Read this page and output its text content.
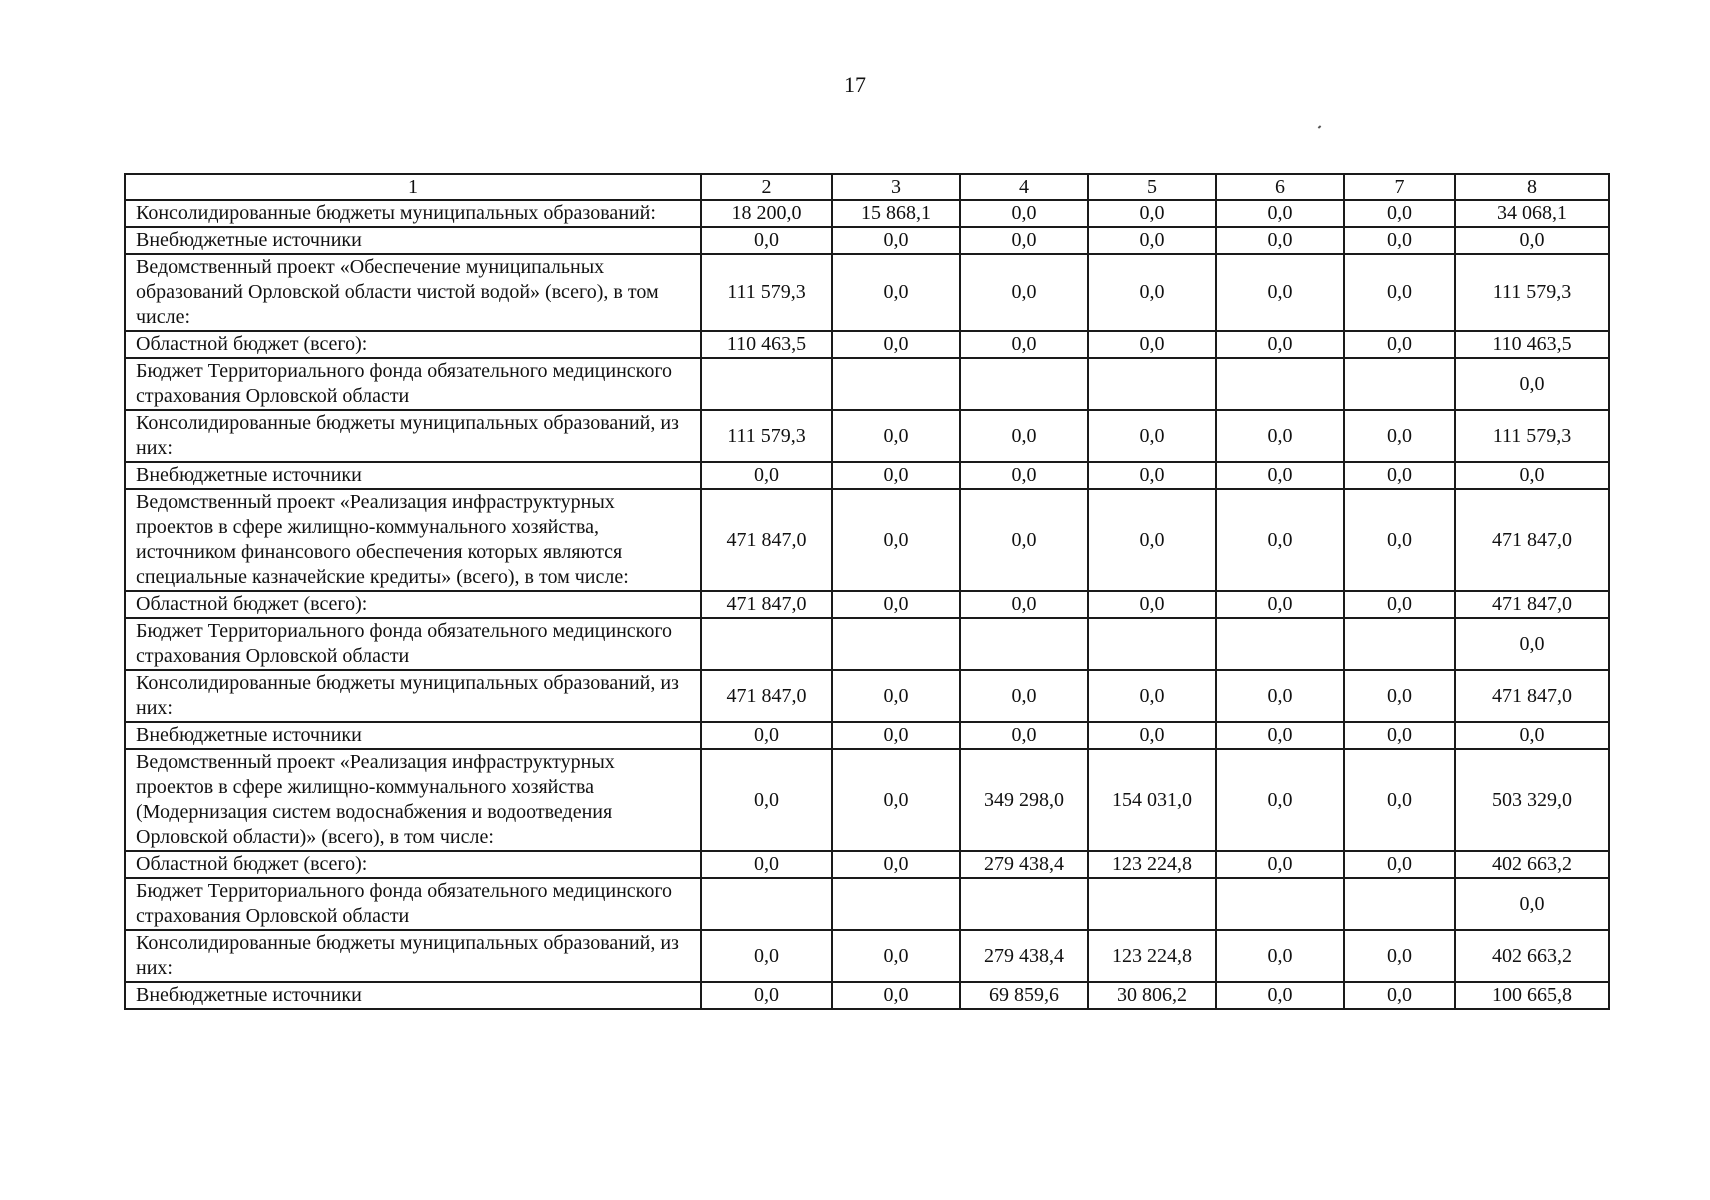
17
1	2	3	4	5	6	7	8
Консолидированные бюджеты муниципальных образований:	18 200,0	15 868,1	0,0	0,0	0,0	0,0	34 068,1
Внебюджетные источники	0,0	0,0	0,0	0,0	0,0	0,0	0,0
Ведомственный проект «Обеспечение муниципальных образований Орловской области чистой водой» (всего), в том числе:	111 579,3	0,0	0,0	0,0	0,0	0,0	111 579,3
Областной бюджет (всего):	110 463,5	0,0	0,0	0,0	0,0	0,0	110 463,5
Бюджет Территориального фонда обязательного медицинского страхования Орловской области							0,0
Консолидированные бюджеты муниципальных образований, из них:	111 579,3	0,0	0,0	0,0	0,0	0,0	111 579,3
Внебюджетные источники	0,0	0,0	0,0	0,0	0,0	0,0	0,0
Ведомственный проект «Реализация инфраструктурных проектов в сфере жилищно-коммунального хозяйства, источником финансового обеспечения которых являются специальные казначейские кредиты» (всего), в том числе:	471 847,0	0,0	0,0	0,0	0,0	0,0	471 847,0
Областной бюджет (всего):	471 847,0	0,0	0,0	0,0	0,0	0,0	471 847,0
Бюджет Территориального фонда обязательного медицинского страхования Орловской области							0,0
Консолидированные бюджеты муниципальных образований, из них:	471 847,0	0,0	0,0	0,0	0,0	0,0	471 847,0
Внебюджетные источники	0,0	0,0	0,0	0,0	0,0	0,0	0,0
Ведомственный проект «Реализация инфраструктурных проектов в сфере жилищно-коммунального хозяйства (Модернизация систем водоснабжения и водоотведения Орловской области)» (всего), в том числе:	0,0	0,0	349 298,0	154 031,0	0,0	0,0	503 329,0
Областной бюджет (всего):	0,0	0,0	279 438,4	123 224,8	0,0	0,0	402 663,2
Бюджет Территориального фонда обязательного медицинского страхования Орловской области							0,0
Консолидированные бюджеты муниципальных образований, из них:	0,0	0,0	279 438,4	123 224,8	0,0	0,0	402 663,2
Внебюджетные источники	0,0	0,0	69 859,6	30 806,2	0,0	0,0	100 665,8
